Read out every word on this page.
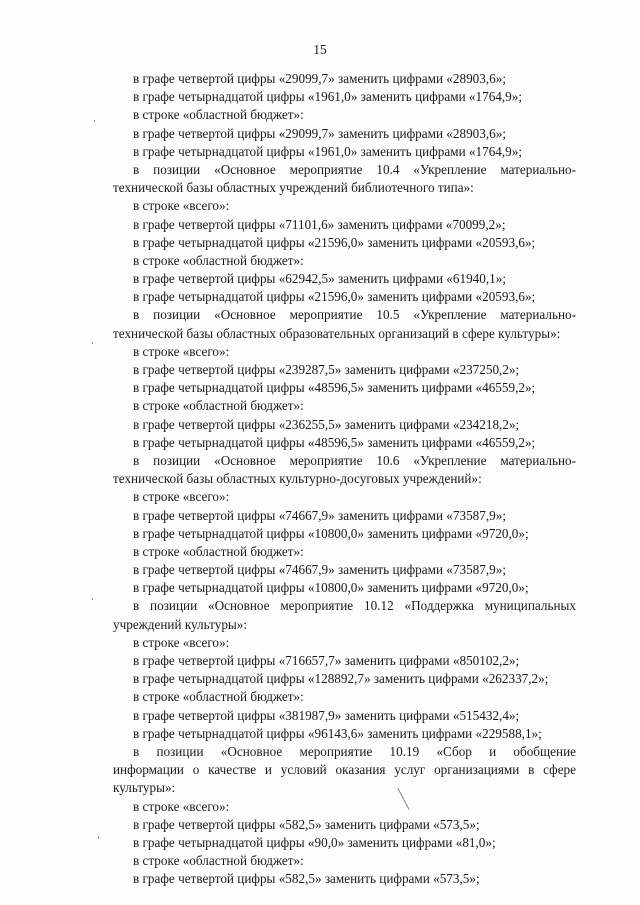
15
в графе четвертой цифры «29099,7» заменить цифрами «28903,6»;
в графе четырнадцатой цифры «1961,0» заменить цифрами «1764,9»;
в строке «областной бюджет»:
в графе четвертой цифры «29099,7» заменить цифрами «28903,6»;
в графе четырнадцатой цифры «1961,0» заменить цифрами «1764,9»;
в позиции «Основное мероприятие 10.4 «Укрепление материально-
технической базы областных учреждений библиотечного типа»:
в строке «всего»:
в графе четвертой цифры «71101,6» заменить цифрами «70099,2»;
в графе четырнадцатой цифры «21596,0» заменить цифрами «20593,6»;
в строке «областной бюджет»:
в графе четвертой цифры «62942,5» заменить цифрами «61940,1»;
в графе четырнадцатой цифры «21596,0» заменить цифрами «20593,6»;
в позиции «Основное мероприятие 10.5 «Укрепление материально-
технической базы областных образовательных организаций в сфере культуры»:
в строке «всего»:
в графе четвертой цифры «239287,5» заменить цифрами «237250,2»;
в графе четырнадцатой цифры «48596,5» заменить цифрами «46559,2»;
в строке «областной бюджет»:
в графе четвертой цифры «236255,5» заменить цифрами «234218,2»;
в графе четырнадцатой цифры «48596,5» заменить цифрами «46559,2»;
в позиции «Основное мероприятие 10.6 «Укрепление материально-
технической базы областных культурно-досуговых учреждений»:
в строке «всего»:
в графе четвертой цифры «74667,9» заменить цифрами «73587,9»;
в графе четырнадцатой цифры «10800,0» заменить цифрами «9720,0»;
в строке «областной бюджет»:
в графе четвертой цифры «74667,9» заменить цифрами «73587,9»;
в графе четырнадцатой цифры «10800,0» заменить цифрами «9720,0»;
в позиции «Основное мероприятие 10.12 «Поддержка муниципальных
учреждений культуры»:
в строке «всего»:
в графе четвертой цифры «716657,7» заменить цифрами «850102,2»;
в графе четырнадцатой цифры «128892,7» заменить цифрами «262337,2»;
в строке «областной бюджет»:
в графе четвертой цифры «381987,9» заменить цифрами «515432,4»;
в графе четырнадцатой цифры «96143,6» заменить цифрами «229588,1»;
в позиции «Основное мероприятие 10.19 «Сбор и обобщение
информации о качестве и условий оказания услуг организациями в сфере
культуры»:
в строке «всего»:
в графе четвертой цифры «582,5» заменить цифрами «573,5»;
в графе четырнадцатой цифры «90,0» заменить цифрами «81,0»;
в строке «областной бюджет»:
в графе четвертой цифры «582,5» заменить цифрами «573,5»;
